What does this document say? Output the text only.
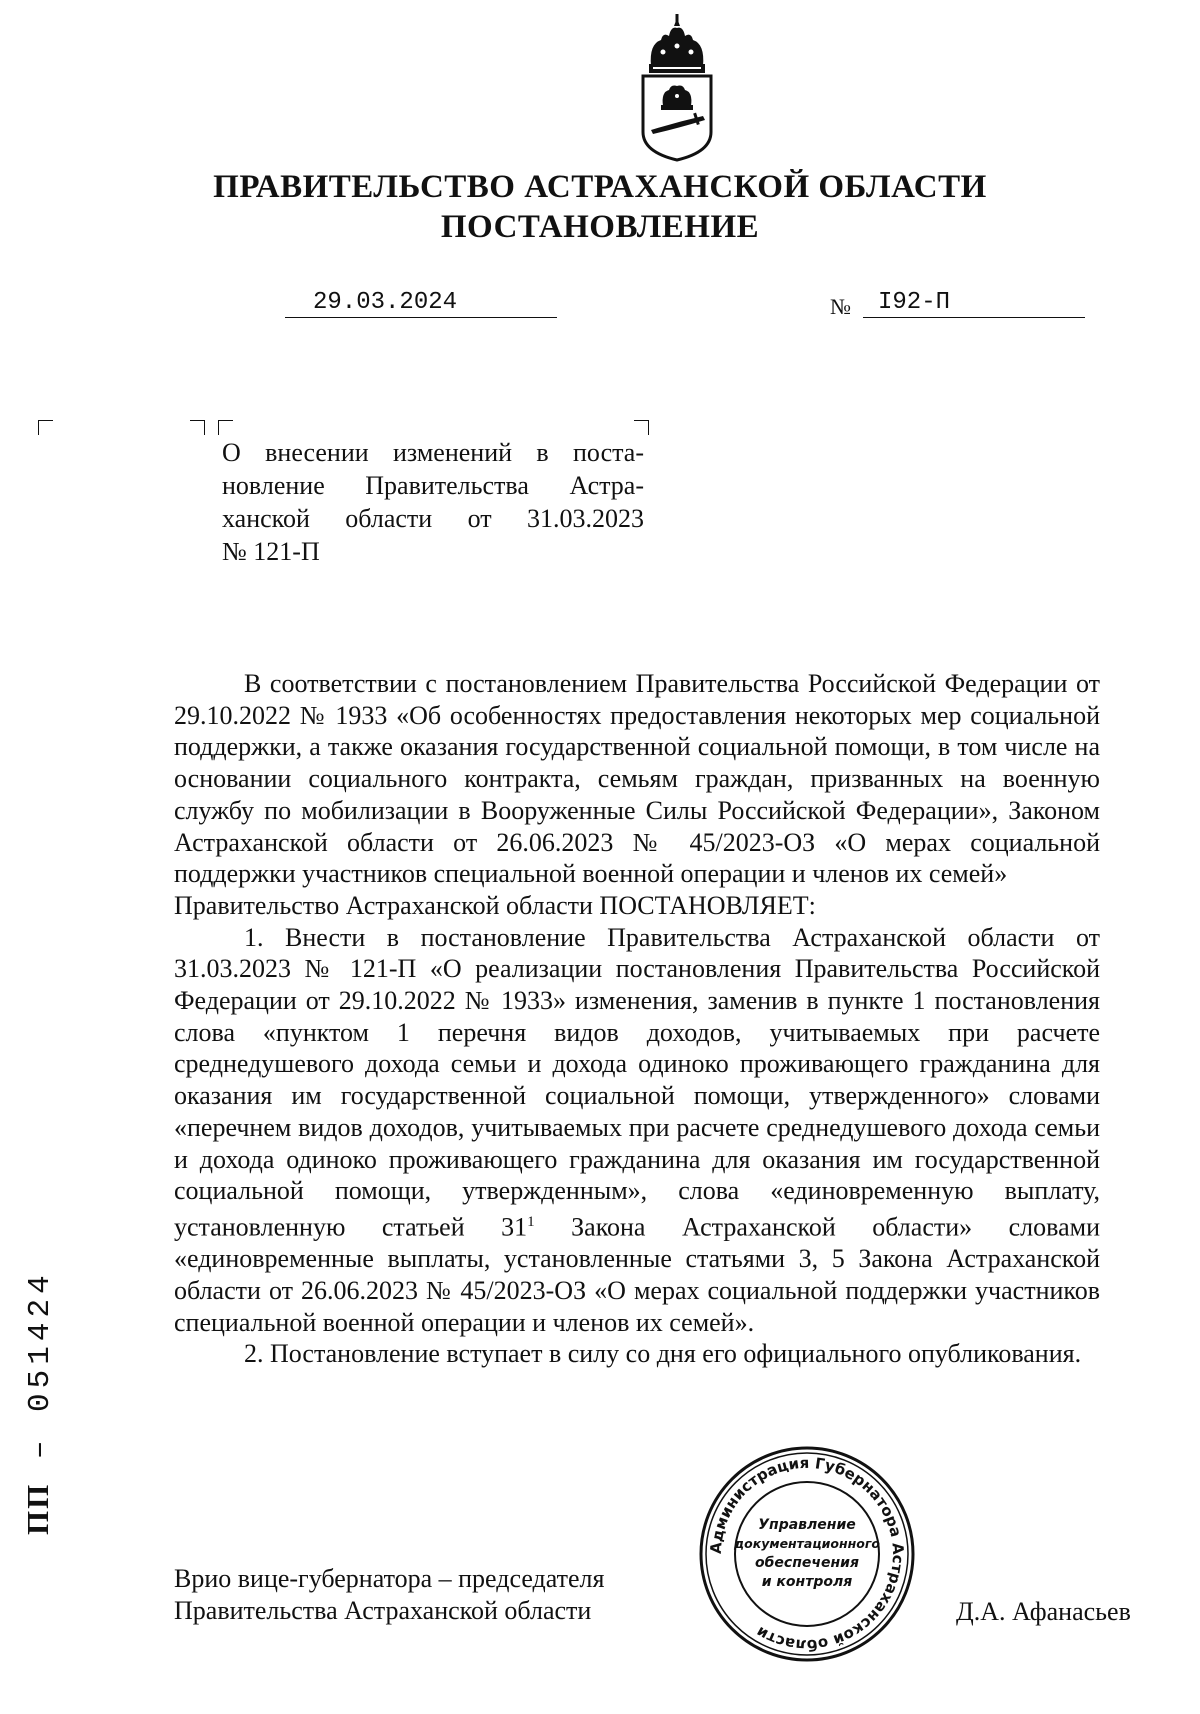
ПРАВИТЕЛЬСТВО АСТРАХАНСКОЙ ОБЛАСТИ
ПОСТАНОВЛЕНИЕ
29.03.2024	№ I92-П
О внесении изменений в поста-
новление Правительства Астра-
ханской области от 31.03.2023
№ 121-П

В соответствии с постановлением Правительства Российской Федерации от 29.10.2022 № 1933 «Об особенностях предоставления некоторых мер социальной поддержки, а также оказания государственной социальной помощи, в том числе на основании социального контракта, семьям граждан, призванных на военную службу по мобилизации в Вооруженные Силы Российской Федерации», Законом Астраханской области от 26.06.2023 № 45/2023-ОЗ «О мерах социальной поддержки участников специальной военной операции и членов их семей»

Правительство Астраханской области ПОСТАНОВЛЯЕТ:

1. Внести в постановление Правительства Астраханской области от 31.03.2023 № 121-П «О реализации постановления Правительства Российской Федерации от 29.10.2022 № 1933» изменения, заменив в пункте 1 постановления слова «пунктом 1 перечня видов доходов, учитываемых при расчете среднедушевого дохода семьи и дохода одиноко проживающего гражданина для оказания им государственной социальной помощи, утвержденного» словами «перечнем видов доходов, учитываемых при расчете среднедушевого дохода семьи и дохода одиноко проживающего гражданина для оказания им государственной социальной помощи, утвержденным», слова «единовременную выплату, установленную статьей $31^1$ Закона Астраханской области» словами «единовременные выплаты, установленные статьями 3, 5 Закона Астраханской области от 26.06.2023 № 45/2023-ОЗ «О мерах социальной поддержки участников специальной военной операции и членов их семей».

2. Постановление вступает в силу со дня его официального опубликования.

Врио вице-губернатора – председателя
Правительства Астраханской области	Д.А. Афанасьев
Администрация Губернатора Астраханской области
Управление
документационного
обеспечения
и контроля
ПП – 051424
